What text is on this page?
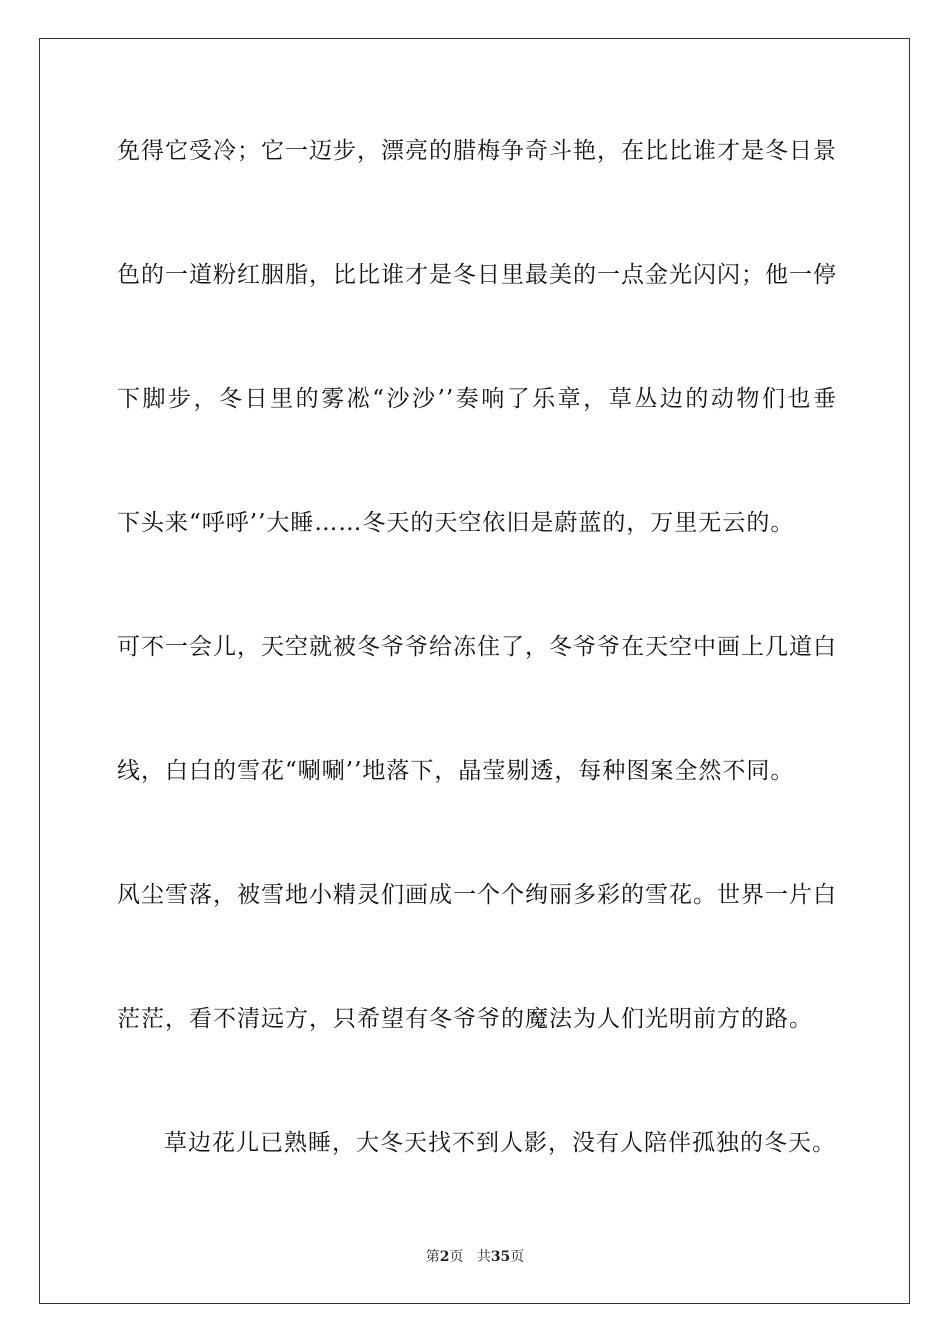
免得它受冷；它一迈步，漂亮的腊梅争奇斗艳，在比比谁才是冬日景
色的一道粉红胭脂，比比谁才是冬日里最美的一点金光闪闪；他一停
下脚步，冬日里的雾凇“沙沙’’奏响了乐章，草丛边的动物们也垂
下头来“呼呼’’大睡……冬天的天空依旧是蔚蓝的，万里无云的。
可不一会儿，天空就被冬爷爷给冻住了，冬爷爷在天空中画上几道白
线，白白的雪花“唰唰’’地落下，晶莹剔透，每种图案全然不同。
风尘雪落，被雪地小精灵们画成一个个绚丽多彩的雪花。世界一片白
茫茫，看不清远方，只希望有冬爷爷的魔法为人们光明前方的路。
草边花儿已熟睡，大冬天找不到人影，没有人陪伴孤独的冬天。
第2页 共35页
